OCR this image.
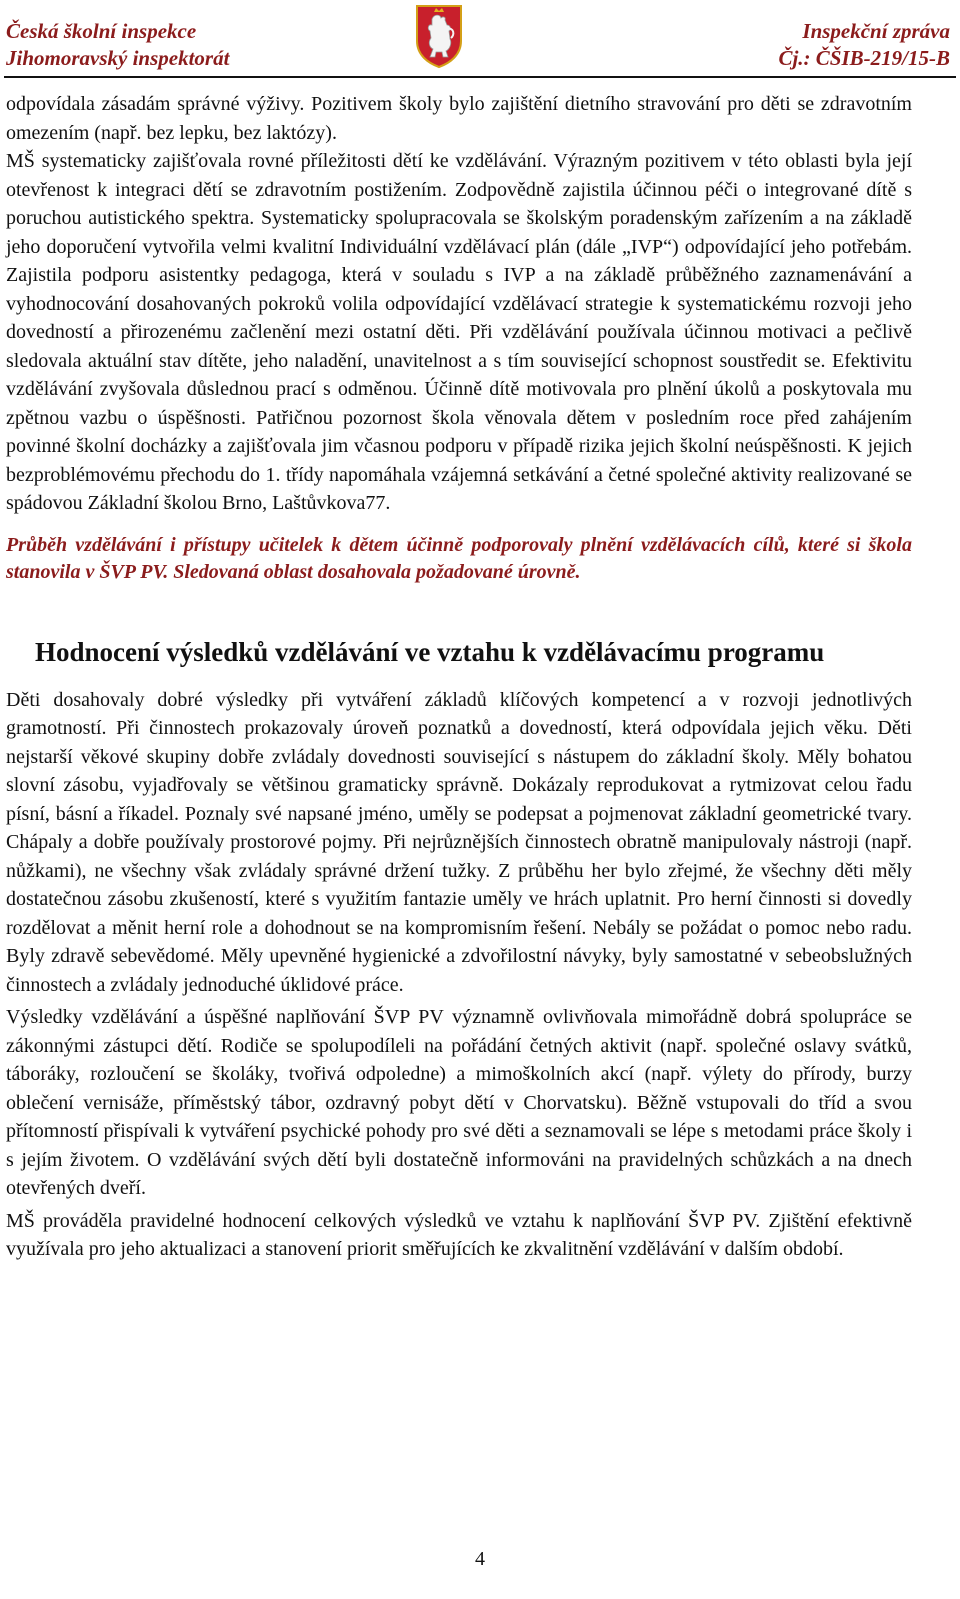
Česká školní inspekce
Jihomoravský inspektorát
Inspekční zpráva
Čj.: ČŠIB-219/15-B

odpovídala zásadám správné výživy. Pozitivem školy bylo zajištění dietního stravování pro děti se zdravotním omezením (např. bez lepku, bez laktózy).

MŠ systematicky zajišťovala rovné příležitosti dětí ke vzdělávání. Výrazným pozitivem v této oblasti byla její otevřenost k integraci dětí se zdravotním postižením. Zodpovědně zajistila účinnou péči o integrované dítě s poruchou autistického spektra. Systematicky spolupracovala se školským poradenským zařízením a na základě jeho doporučení vytvořila velmi kvalitní Individuální vzdělávací plán (dále „IVP“) odpovídající jeho potřebám. Zajistila podporu asistentky pedagoga, která v souladu s IVP a na základě průběžného zaznamenávání a vyhodnocování dosahovaných pokroků volila odpovídající vzdělávací strategie k systematickému rozvoji jeho dovedností a přirozenému začlenění mezi ostatní děti. Při vzdělávání používala účinnou motivaci a pečlivě sledovala aktuální stav dítěte, jeho naladění, unavitelnost a s tím související schopnost soustředit se. Efektivitu vzdělávání zvyšovala důslednou prací s odměnou. Účinně dítě motivovala pro plnění úkolů a poskytovala mu zpětnou vazbu o úspěšnosti. Patřičnou pozornost škola věnovala dětem v posledním roce před zahájením povinné školní docházky a zajišťovala jim včasnou podporu v případě rizika jejich školní neúspěšnosti. K jejich bezproblémovému přechodu do 1. třídy napomáhala vzájemná setkávání a četné společné aktivity realizované se spádovou Základní školou Brno, Laštůvkova77.

Průběh vzdělávání i přístupy učitelek k dětem účinně podporovaly plnění vzdělávacích cílů, které si škola stanovila v ŠVP PV. Sledovaná oblast dosahovala požadované úrovně.

Hodnocení výsledků vzdělávání ve vztahu k vzdělávacímu programu

Děti dosahovaly dobré výsledky při vytváření základů klíčových kompetencí a v rozvoji jednotlivých gramotností. Při činnostech prokazovaly úroveň poznatků a dovedností, která odpovídala jejich věku. Děti nejstarší věkové skupiny dobře zvládaly dovednosti související s nástupem do základní školy. Měly bohatou slovní zásobu, vyjadřovaly se většinou gramaticky správně. Dokázaly reprodukovat a rytmizovat celou řadu písní, básní a říkadel. Poznaly své napsané jméno, uměly se podepsat a pojmenovat základní geometrické tvary. Chápaly a dobře používaly prostorové pojmy. Při nejrůznějších činnostech obratně manipulovaly nástroji (např. nůžkami), ne všechny však zvládaly správné držení tužky. Z průběhu her bylo zřejmé, že všechny děti měly dostatečnou zásobu zkušeností, které s využitím fantazie uměly ve hrách uplatnit. Pro herní činnosti si dovedly rozdělovat a měnit herní role a dohodnout se na kompromisním řešení. Nebály se požádat o pomoc nebo radu. Byly zdravě sebevědomé. Měly upevněné hygienické a zdvořilostní návyky, byly samostatné v sebeobslužných činnostech a zvládaly jednoduché úklidové práce.

Výsledky vzdělávání a úspěšné naplňování ŠVP PV významně ovlivňovala mimořádně dobrá spolupráce se zákonnými zástupci dětí. Rodiče se spolupodíleli na pořádání četných aktivit (např. společné oslavy svátků, táboráky, rozloučení se školáky, tvořivá odpoledne) a mimoškolních akcí (např. výlety do přírody, burzy oblečení vernisáže, příměstský tábor, ozdravný pobyt dětí v Chorvatsku). Běžně vstupovali do tříd a svou přítomností přispívali k vytváření psychické pohody pro své děti a seznamovali se lépe s metodami práce školy i s jejím životem. O vzdělávání svých dětí byli dostatečně informováni na pravidelných schůzkách a na dnech otevřených dveří.

MŠ prováděla pravidelné hodnocení celkových výsledků ve vztahu k naplňování ŠVP PV. Zjištění efektivně využívala pro jeho aktualizaci a stanovení priorit směřujících ke zkvalitnění vzdělávání v dalším období.

4
